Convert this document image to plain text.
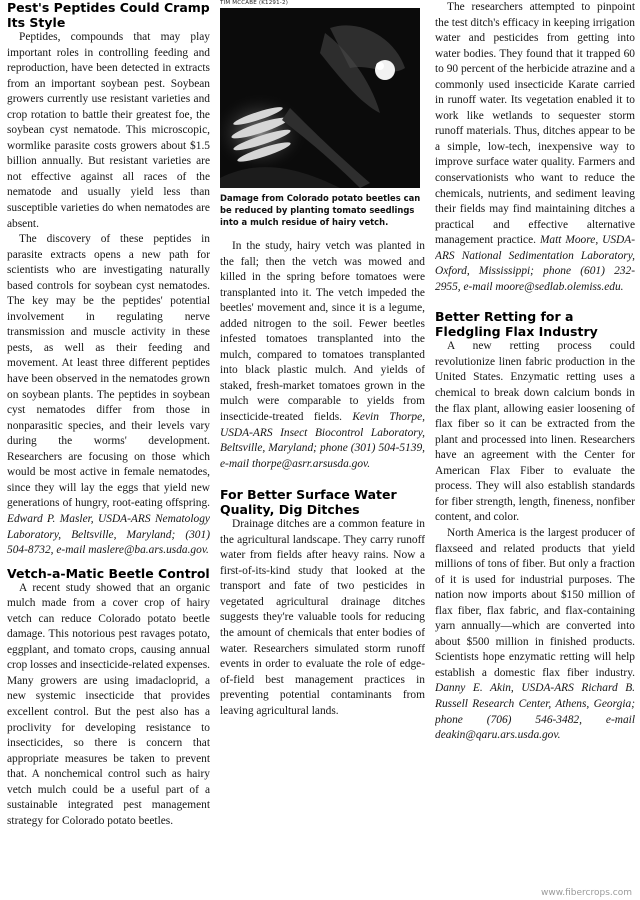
Pest's Peptides Could Cramp Its Style

Peptides, compounds that may play important roles in controlling feeding and reproduction, have been detected in extracts from an important soybean pest. Soybean growers currently use resistant varieties and crop rotation to battle their greatest foe, the soybean cyst nematode. This microscopic, wormlike parasite costs growers about $1.5 billion annually. But resistant varieties are not effective against all races of the nematode and usually yield less than susceptible varieties do when nematodes are absent.

The discovery of these peptides in parasite extracts opens a new path for scientists who are investigating naturally based controls for soybean cyst nematodes. The key may be the peptides' potential involvement in regulating nerve transmission and muscle activity in these pests, as well as their feeding and movement. At least three different peptides have been observed in the nematodes grown on soybean plants. The peptides in soybean cyst nematodes differ from those in nonparasitic species, and their levels vary during the worms' development. Researchers are focusing on those which would be most active in female nematodes, since they will lay the eggs that yield new generations of hungry, root-eating offspring. Edward P. Masler, USDA-ARS Nematology Laboratory, Beltsville, Maryland; (301) 504-8732, e-mail maslere@ba.ars.usda.gov.

Vetch-a-Matic Beetle Control

A recent study showed that an organic mulch made from a cover crop of hairy vetch can reduce Colorado potato beetle damage. This notorious pest ravages potato, eggplant, and tomato crops, causing annual crop losses and insecticide-related expenses. Many growers are using imadacloprid, a new systemic insecticide that provides excellent control. But the pest also has a proclivity for developing resistance to insecticides, so there is concern that appropriate measures be taken to prevent that. A nonchemical control such as hairy vetch mulch could be a useful part of a sustainable integrated pest management strategy for Colorado potato beetles.

TIM MCCABE (K1291-2)
Damage from Colorado potato beetles can be reduced by planting tomato seedlings into a mulch residue of hairy vetch.

In the study, hairy vetch was planted in the fall; then the vetch was mowed and killed in the spring before tomatoes were transplanted into it. The vetch impeded the beetles' movement and, since it is a legume, added nitrogen to the soil. Fewer beetles infested tomatoes transplanted into the mulch, compared to tomatoes transplanted into black plastic mulch. And yields of staked, fresh-market tomatoes grown in the mulch were comparable to yields from insecticide-treated fields. Kevin Thorpe, USDA-ARS Insect Biocontrol Laboratory, Beltsville, Maryland; phone (301) 504-5139, e-mail thorpe@asrr.arsusda.gov.

For Better Surface Water Quality, Dig Ditches

Drainage ditches are a common feature in the agricultural landscape. They carry runoff water from fields after heavy rains. Now a first-of-its-kind study that looked at the transport and fate of two pesticides in vegetated agricultural drainage ditches suggests they're valuable tools for reducing the amount of chemicals that enter bodies of water. Researchers simulated storm runoff events in order to evaluate the role of edge-of-field best management practices in preventing potential contaminants from leaving agricultural lands.

The researchers attempted to pinpoint the test ditch's efficacy in keeping irrigation water and pesticides from getting into water bodies. They found that it trapped 60 to 90 percent of the herbicide atrazine and a commonly used insecticide Karate carried in runoff water. Its vegetation enabled it to work like wetlands to sequester storm runoff materials. Thus, ditches appear to be a simple, low-tech, inexpensive way to improve surface water quality. Farmers and conservationists who want to reduce the chemicals, nutrients, and sediment leaving their fields may find maintaining ditches a practical and effective alternative management practice. Matt Moore, USDA-ARS National Sedimentation Laboratory, Oxford, Mississippi; phone (601) 232-2955, e-mail moore@sedlab.olemiss.edu.

Better Retting for a Fledgling Flax Industry

A new retting process could revolutionize linen fabric production in the United States. Enzymatic retting uses a chemical to break down calcium bonds in the flax plant, allowing easier loosening of flax fiber so it can be extracted from the plant and processed into linen. Researchers have an agreement with the Center for American Flax Fiber to evaluate the process. They will also establish standards for fiber strength, length, fineness, nonfiber content, and color.

North America is the largest producer of flaxseed and related products that yield millions of tons of fiber. But only a fraction of it is used for industrial purposes. The nation now imports about $150 million of flax fiber, flax fabric, and flax-containing yarn annually—which are converted into about $500 million in finished products. Scientists hope enzymatic retting will help establish a domestic flax fiber industry. Danny E. Akin, USDA-ARS Richard B. Russell Research Center, Athens, Georgia; phone (706) 546-3482, e-mail deakin@qaru.ars.usda.gov.

www.fibercrops.com
